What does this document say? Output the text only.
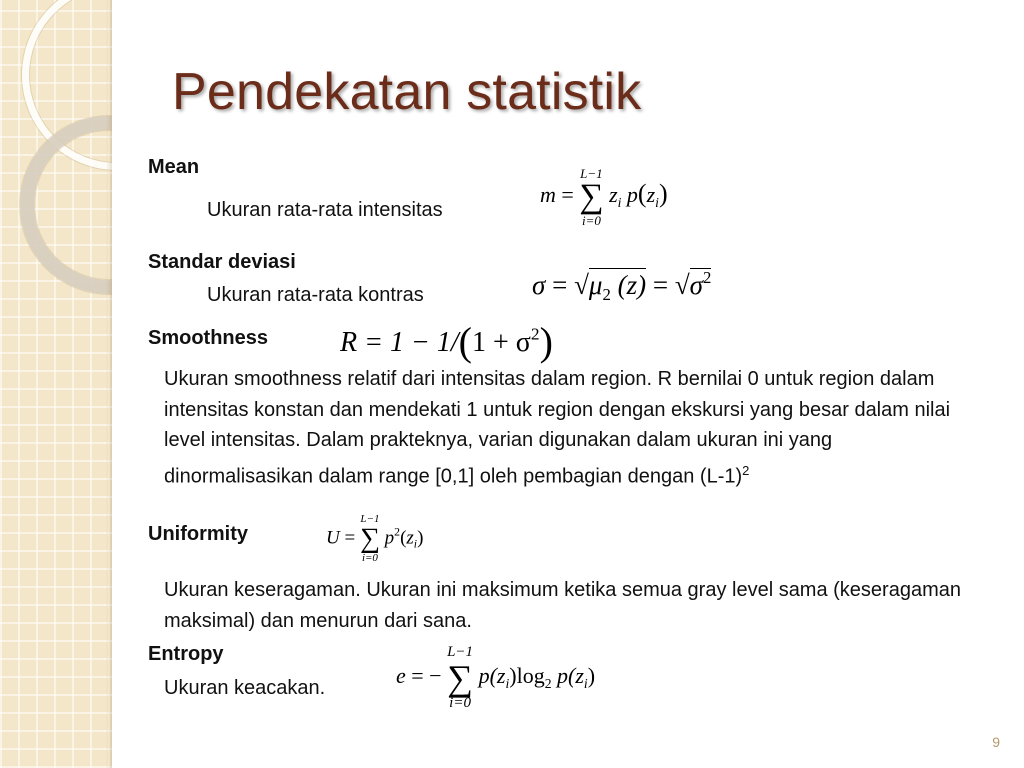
Pendekatan statistik
Mean
Ukuran rata-rata intensitas
m =
L−1
∑
i=0
$z_i$ $p(z_i)$
Standar deviasi
Ukuran rata-rata kontras	$\sigma = √\mu_2$ $(z) = √\sigma^2$
Smoothness	$R = 1 - 1/(1 + \sigma^2)$

Ukuran smoothness relatif dari intensitas dalam region. R bernilai 0 untuk region dalam intensitas konstan dan mendekati 1 untuk region dengan ekskursi yang besar dalam nilai level intensitas. Dalam prakteknya, varian digunakan dalam ukuran ini yang dinormalisasikan dalam range [0,1] oleh pembagian dengan $(L-1)^2$

Uniformity	U =
L−1
∑
i=0
$p^2(z_i)$

Ukuran keseragaman. Ukuran ini maksimum ketika semua gray level sama (keseragaman maksimal) dan menurun dari sana.

Entropy
Ukuran keacakan.	e = −
L−1
∑
i=0
$p(z_i)\log_2$ $p(z_i)$
9
